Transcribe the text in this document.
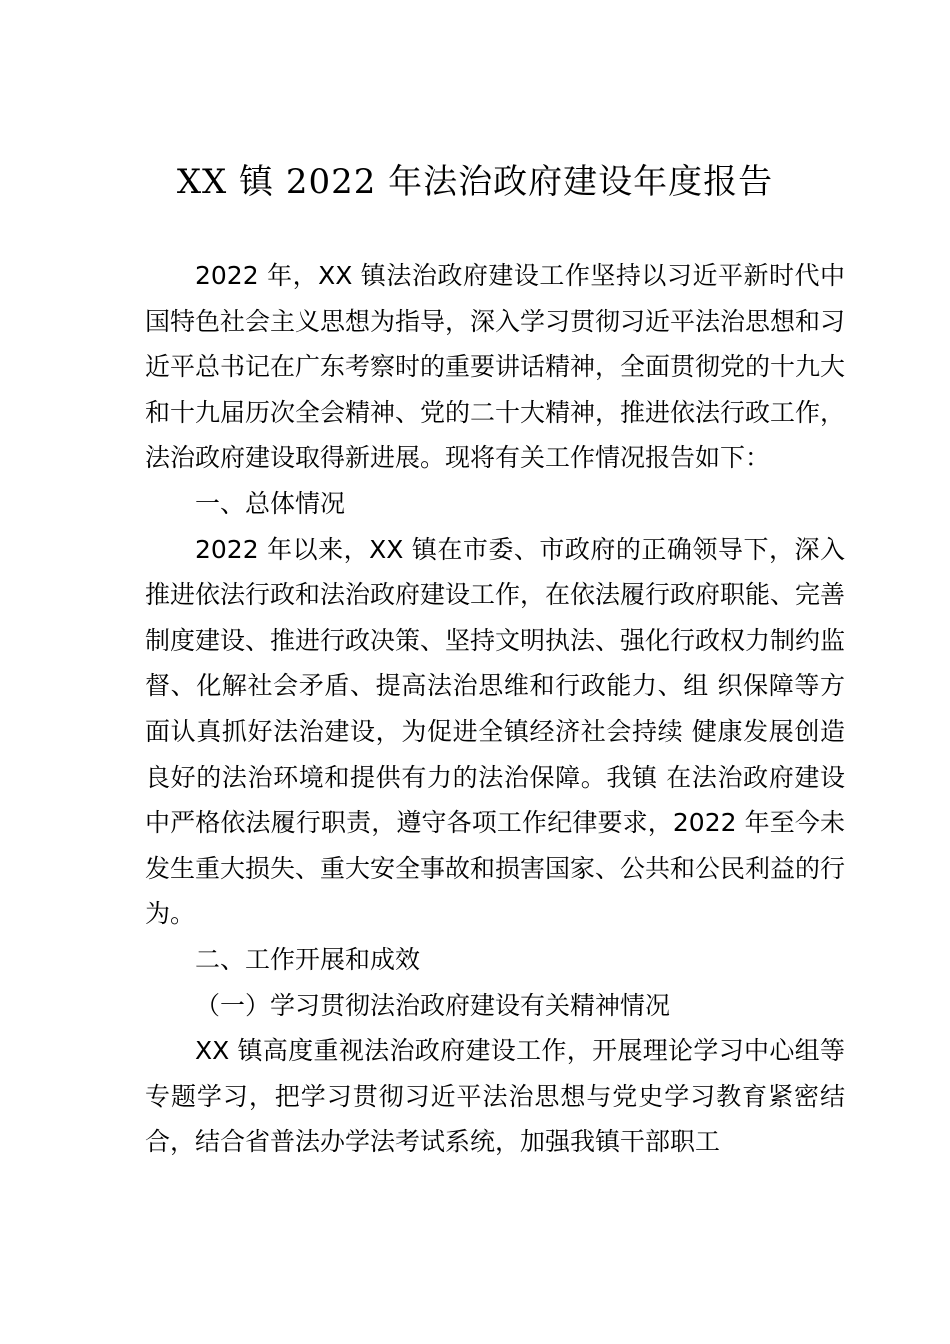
XX 镇 2022 年法治政府建设年度报告

2022 年，XX 镇法治政府建设工作坚持以习近平新时代中国特色社会主义思想为指导，深入学习贯彻习近平法治思想和习近平总书记在广东考察时的重要讲话精神，全面贯彻党的十九大和十九届历次全会精神、党的二十大精神，推进依法行政工作，法治政府建设取得新进展。现将有关工作情况报告如下：

一、总体情况

2022 年以来，XX 镇在市委、市政府的正确领导下，深入推进依法行政和法治政府建设工作，在依法履行政府职能、完善制度建设、推进行政决策、坚持文明执法、强化行政权力制约监督、化解社会矛盾、提高法治思维和行政能力、组 织保障等方面认真抓好法治建设，为促进全镇经济社会持续 健康发展创造良好的法治环境和提供有力的法治保障。我镇 在法治政府建设中严格依法履行职责，遵守各项工作纪律要求，2022 年至今未发生重大损失、重大安全事故和损害国家、公共和公民利益的行为。

二、工作开展和成效

（一）学习贯彻法治政府建设有关精神情况

XX 镇高度重视法治政府建设工作，开展理论学习中心组等专题学习，把学习贯彻习近平法治思想与党史学习教育紧密结合，结合省普法办学法考试系统，加强我镇干部职工
